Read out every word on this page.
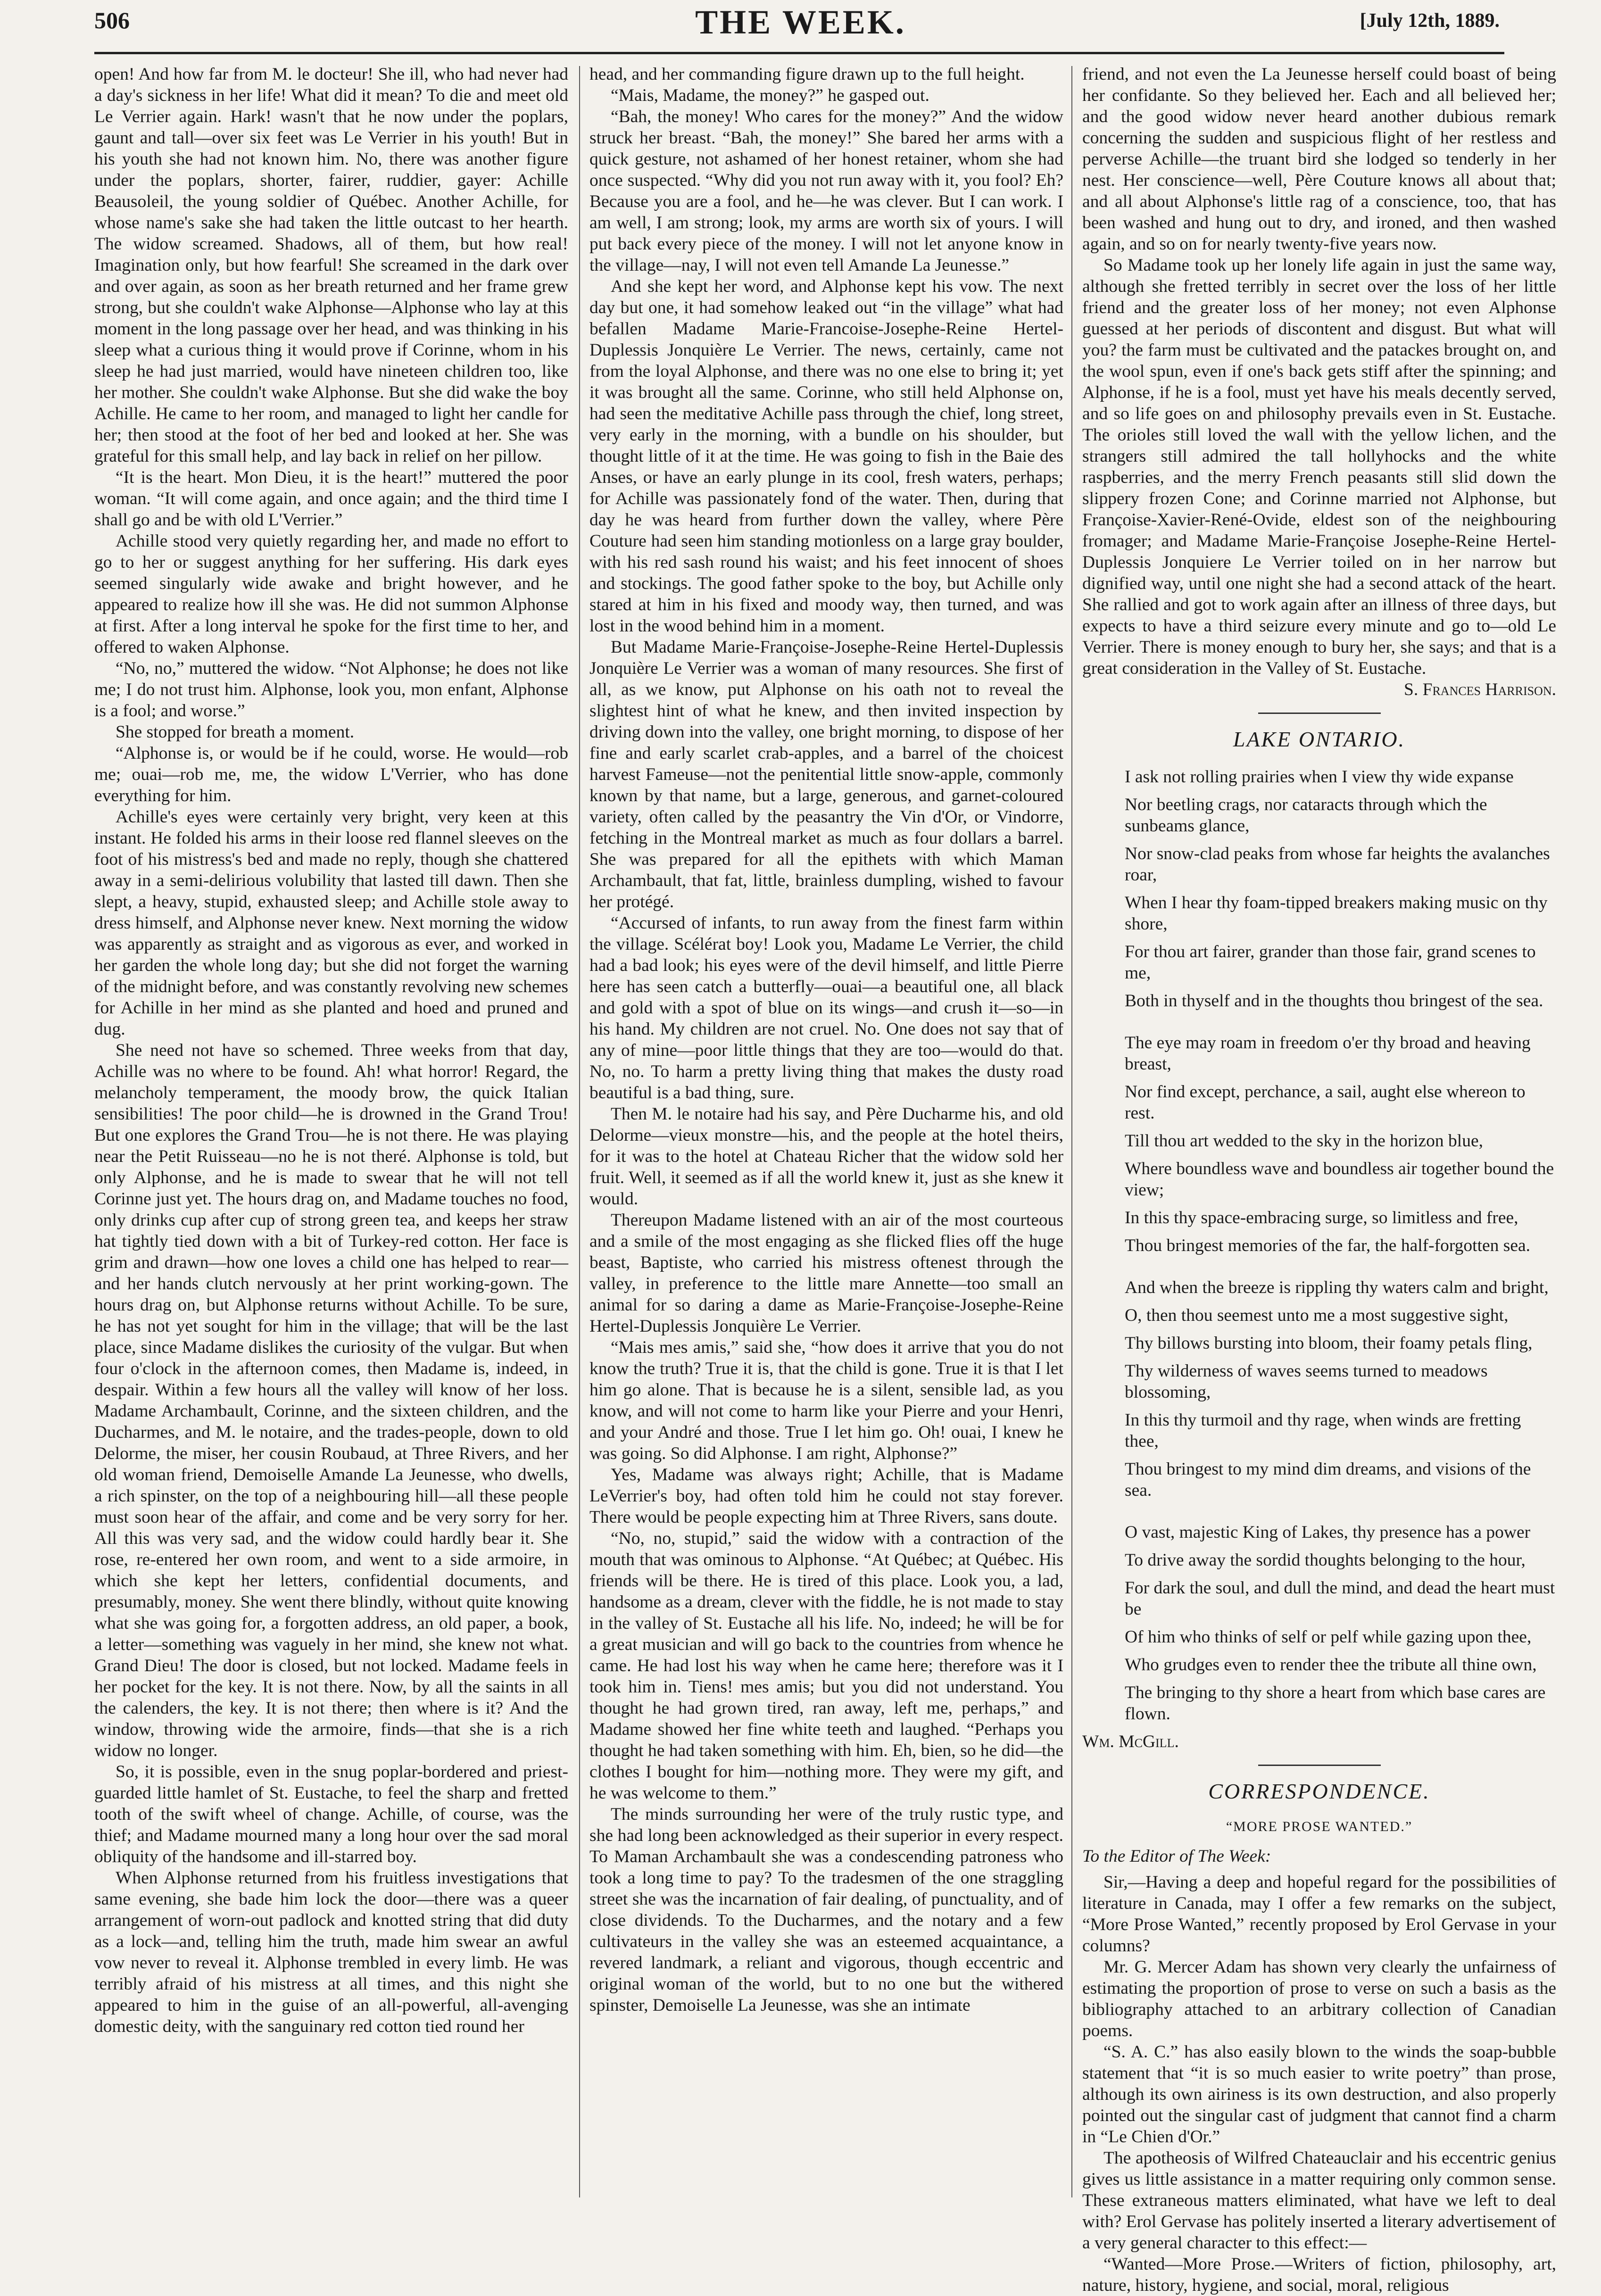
506	THE WEEK.	[July 12th, 1889.

open! And how far from M. le docteur! She ill, who had never had a day's sickness in her life! What did it mean? To die and meet old Le Verrier again. Hark! wasn't that he now under the poplars, gaunt and tall—over six feet was Le Verrier in his youth! But in his youth she had not known him. No, there was another figure under the poplars, shorter, fairer, ruddier, gayer: Achille Beausoleil, the young soldier of Québec. Another Achille, for whose name's sake she had taken the little outcast to her hearth. The widow screamed. Shadows, all of them, but how real! Imagination only, but how fearful! She screamed in the dark over and over again, as soon as her breath returned and her frame grew strong, but she couldn't wake Alphonse—Alphonse who lay at this moment in the long passage over her head, and was thinking in his sleep what a curious thing it would prove if Corinne, whom in his sleep he had just married, would have nineteen children too, like her mother. She couldn't wake Alphonse. But she did wake the boy Achille. He came to her room, and managed to light her candle for her; then stood at the foot of her bed and looked at her. She was grateful for this small help, and lay back in relief on her pillow.

“It is the heart. Mon Dieu, it is the heart!” muttered the poor woman. “It will come again, and once again; and the third time I shall go and be with old L'Verrier.”

Achille stood very quietly regarding her, and made no effort to go to her or suggest anything for her suffering. His dark eyes seemed singularly wide awake and bright however, and he appeared to realize how ill she was. He did not summon Alphonse at first. After a long interval he spoke for the first time to her, and offered to waken Alphonse.

“No, no,” muttered the widow. “Not Alphonse; he does not like me; I do not trust him. Alphonse, look you, mon enfant, Alphonse is a fool; and worse.”

She stopped for breath a moment.

“Alphonse is, or would be if he could, worse. He would—rob me; ouai—rob me, me, the widow L'Verrier, who has done everything for him.

Achille's eyes were certainly very bright, very keen at this instant. He folded his arms in their loose red flannel sleeves on the foot of his mistress's bed and made no reply, though she chattered away in a semi-delirious volubility that lasted till dawn. Then she slept, a heavy, stupid, exhausted sleep; and Achille stole away to dress himself, and Alphonse never knew. Next morning the widow was apparently as straight and as vigorous as ever, and worked in her garden the whole long day; but she did not forget the warning of the midnight before, and was constantly revolving new schemes for Achille in her mind as she planted and hoed and pruned and dug.

She need not have so schemed. Three weeks from that day, Achille was no where to be found. Ah! what horror! Regard, the melancholy temperament, the moody brow, the quick Italian sensibilities! The poor child—he is drowned in the Grand Trou! But one explores the Grand Trou—he is not there. He was playing near the Petit Ruisseau—no he is not theré. Alphonse is told, but only Alphonse, and he is made to swear that he will not tell Corinne just yet. The hours drag on, and Madame touches no food, only drinks cup after cup of strong green tea, and keeps her straw hat tightly tied down with a bit of Turkey-red cotton. Her face is grim and drawn—how one loves a child one has helped to rear—and her hands clutch nervously at her print working-gown. The hours drag on, but Alphonse returns without Achille. To be sure, he has not yet sought for him in the village; that will be the last place, since Madame dislikes the curiosity of the vulgar. But when four o'clock in the afternoon comes, then Madame is, indeed, in despair. Within a few hours all the valley will know of her loss. Madame Archambault, Corinne, and the sixteen children, and the Ducharmes, and M. le notaire, and the trades-people, down to old Delorme, the miser, her cousin Roubaud, at Three Rivers, and her old woman friend, Demoiselle Amande La Jeunesse, who dwells, a rich spinster, on the top of a neighbouring hill—all these people must soon hear of the affair, and come and be very sorry for her. All this was very sad, and the widow could hardly bear it. She rose, re-entered her own room, and went to a side armoire, in which she kept her letters, confidential documents, and presumably, money. She went there blindly, without quite knowing what she was going for, a forgotten address, an old paper, a book, a letter—something was vaguely in her mind, she knew not what. Grand Dieu! The door is closed, but not locked. Madame feels in her pocket for the key. It is not there. Now, by all the saints in all the calenders, the key. It is not there; then where is it? And the window, throwing wide the armoire, finds—that she is a rich widow no longer.

So, it is possible, even in the snug poplar-bordered and priest-guarded little hamlet of St. Eustache, to feel the sharp and fretted tooth of the swift wheel of change. Achille, of course, was the thief; and Madame mourned many a long hour over the sad moral obliquity of the handsome and ill-starred boy.

When Alphonse returned from his fruitless investigations that same evening, she bade him lock the door—there was a queer arrangement of worn-out padlock and knotted string that did duty as a lock—and, telling him the truth, made him swear an awful vow never to reveal it. Alphonse trembled in every limb. He was terribly afraid of his mistress at all times, and this night she appeared to him in the guise of an all-powerful, all-avenging domestic deity, with the sanguinary red cotton tied round her

head, and her commanding figure drawn up to the full height.

“Mais, Madame, the money?” he gasped out.

“Bah, the money! Who cares for the money?” And the widow struck her breast. “Bah, the money!” She bared her arms with a quick gesture, not ashamed of her honest retainer, whom she had once suspected. “Why did you not run away with it, you fool? Eh? Because you are a fool, and he—he was clever. But I can work. I am well, I am strong; look, my arms are worth six of yours. I will put back every piece of the money. I will not let anyone know in the village—nay, I will not even tell Amande La Jeunesse.”

And she kept her word, and Alphonse kept his vow. The next day but one, it had somehow leaked out “in the village” what had befallen Madame Marie-Francoise-Josephe-Reine Hertel-Duplessis Jonquière Le Verrier. The news, certainly, came not from the loyal Alphonse, and there was no one else to bring it; yet it was brought all the same. Corinne, who still held Alphonse on, had seen the meditative Achille pass through the chief, long street, very early in the morning, with a bundle on his shoulder, but thought little of it at the time. He was going to fish in the Baie des Anses, or have an early plunge in its cool, fresh waters, perhaps; for Achille was passionately fond of the water. Then, during that day he was heard from further down the valley, where Père Couture had seen him standing motionless on a large gray boulder, with his red sash round his waist; and his feet innocent of shoes and stockings. The good father spoke to the boy, but Achille only stared at him in his fixed and moody way, then turned, and was lost in the wood behind him in a moment.

But Madame Marie-Françoise-Josephe-Reine Hertel-Duplessis Jonquière Le Verrier was a woman of many resources. She first of all, as we know, put Alphonse on his oath not to reveal the slightest hint of what he knew, and then invited inspection by driving down into the valley, one bright morning, to dispose of her fine and early scarlet crab-apples, and a barrel of the choicest harvest Fameuse—not the penitential little snow-apple, commonly known by that name, but a large, generous, and garnet-coloured variety, often called by the peasantry the Vin d'Or, or Vindorre, fetching in the Montreal market as much as four dollars a barrel. She was prepared for all the epithets with which Maman Archambault, that fat, little, brainless dumpling, wished to favour her protégé.

“Accursed of infants, to run away from the finest farm within the village. Scélérat boy! Look you, Madame Le Verrier, the child had a bad look; his eyes were of the devil himself, and little Pierre here has seen catch a butterfly—ouai—a beautiful one, all black and gold with a spot of blue on its wings—and crush it—so—in his hand. My children are not cruel. No. One does not say that of any of mine—poor little things that they are too—would do that. No, no. To harm a pretty living thing that makes the dusty road beautiful is a bad thing, sure.

Then M. le notaire had his say, and Père Ducharme his, and old Delorme—vieux monstre—his, and the people at the hotel theirs, for it was to the hotel at Chateau Richer that the widow sold her fruit. Well, it seemed as if all the world knew it, just as she knew it would.

Thereupon Madame listened with an air of the most courteous and a smile of the most engaging as she flicked flies off the huge beast, Baptiste, who carried his mistress oftenest through the valley, in preference to the little mare Annette—too small an animal for so daring a dame as Marie-Françoise-Josephe-Reine Hertel-Duplessis Jonquière Le Verrier.

“Mais mes amis,” said she, “how does it arrive that you do not know the truth? True it is, that the child is gone. True it is that I let him go alone. That is because he is a silent, sensible lad, as you know, and will not come to harm like your Pierre and your Henri, and your André and those. True I let him go. Oh! ouai, I knew he was going. So did Alphonse. I am right, Alphonse?”

Yes, Madame was always right; Achille, that is Madame LeVerrier's boy, had often told him he could not stay forever. There would be people expecting him at Three Rivers, sans doute.

“No, no, stupid,” said the widow with a contraction of the mouth that was ominous to Alphonse. “At Québec; at Québec. His friends will be there. He is tired of this place. Look you, a lad, handsome as a dream, clever with the fiddle, he is not made to stay in the valley of St. Eustache all his life. No, indeed; he will be for a great musician and will go back to the countries from whence he came. He had lost his way when he came here; therefore was it I took him in. Tiens! mes amis; but you did not understand. You thought he had grown tired, ran away, left me, perhaps,” and Madame showed her fine white teeth and laughed. “Perhaps you thought he had taken something with him. Eh, bien, so he did—the clothes I bought for him—nothing more. They were my gift, and he was welcome to them.”

The minds surrounding her were of the truly rustic type, and she had long been acknowledged as their superior in every respect. To Maman Archambault she was a condescending patroness who took a long time to pay? To the tradesmen of the one straggling street she was the incarnation of fair dealing, of punctuality, and of close dividends. To the Ducharmes, and the notary and a few cultivateurs in the valley she was an esteemed acquaintance, a revered landmark, a reliant and vigorous, though eccentric and original woman of the world, but to no one but the withered spinster, Demoiselle La Jeunesse, was she an intimate

friend, and not even the La Jeunesse herself could boast of being her confidante. So they believed her. Each and all believed her; and the good widow never heard another dubious remark concerning the sudden and suspicious flight of her restless and perverse Achille—the truant bird she lodged so tenderly in her nest. Her conscience—well, Père Couture knows all about that; and all about Alphonse's little rag of a conscience, too, that has been washed and hung out to dry, and ironed, and then washed again, and so on for nearly twenty-five years now.

So Madame took up her lonely life again in just the same way, although she fretted terribly in secret over the loss of her little friend and the greater loss of her money; not even Alphonse guessed at her periods of discontent and disgust. But what will you? the farm must be cultivated and the patackes brought on, and the wool spun, even if one's back gets stiff after the spinning; and Alphonse, if he is a fool, must yet have his meals decently served, and so life goes on and philosophy prevails even in St. Eustache. The orioles still loved the wall with the yellow lichen, and the strangers still admired the tall hollyhocks and the white raspberries, and the merry French peasants still slid down the slippery frozen Cone; and Corinne married not Alphonse, but Françoise-Xavier-René-Ovide, eldest son of the neighbouring fromager; and Madame Marie-Françoise Josephe-Reine Hertel-Duplessis Jonquiere Le Verrier toiled on in her narrow but dignified way, until one night she had a second attack of the heart. She rallied and got to work again after an illness of three days, but expects to have a third seizure every minute and go to—old Le Verrier. There is money enough to bury her, she says; and that is a great consideration in the Valley of St. Eustache.

S. Frances Harrison.

LAKE ONTARIO.

I ask not rolling prairies when I view thy wide expanse

Nor beetling crags, nor cataracts through which the sunbeams glance,

Nor snow-clad peaks from whose far heights the avalanches roar,

When I hear thy foam-tipped breakers making music on thy shore,

For thou art fairer, grander than those fair, grand scenes to me,

Both in thyself and in the thoughts thou bringest of the sea.

The eye may roam in freedom o'er thy broad and heaving breast,

Nor find except, perchance, a sail, aught else whereon to rest.

Till thou art wedded to the sky in the horizon blue,

Where boundless wave and boundless air together bound the view;

In this thy space-embracing surge, so limitless and free,

Thou bringest memories of the far, the half-forgotten sea.

And when the breeze is rippling thy waters calm and bright,

O, then thou seemest unto me a most suggestive sight,

Thy billows bursting into bloom, their foamy petals fling,

Thy wilderness of waves seems turned to meadows blossoming,

In this thy turmoil and thy rage, when winds are fretting thee,

Thou bringest to my mind dim dreams, and visions of the sea.

O vast, majestic King of Lakes, thy presence has a power

To drive away the sordid thoughts belonging to the hour,

For dark the soul, and dull the mind, and dead the heart must be

Of him who thinks of self or pelf while gazing upon thee,

Who grudges even to render thee the tribute all thine own,

The bringing to thy shore a heart from which base cares are flown.

Wm. McGill.

CORRESPONDENCE.
“MORE PROSE WANTED.”

To the Editor of The Week:

Sir,—Having a deep and hopeful regard for the possibilities of literature in Canada, may I offer a few remarks on the subject, “More Prose Wanted,” recently proposed by Erol Gervase in your columns?

Mr. G. Mercer Adam has shown very clearly the unfairness of estimating the proportion of prose to verse on such a basis as the bibliography attached to an arbitrary collection of Canadian poems.

“S. A. C.” has also easily blown to the winds the soap-bubble statement that “it is so much easier to write poetry” than prose, although its own airiness is its own destruction, and also properly pointed out the singular cast of judgment that cannot find a charm in “Le Chien d'Or.”

The apotheosis of Wilfred Chateauclair and his eccentric genius gives us little assistance in a matter requiring only common sense. These extraneous matters eliminated, what have we left to deal with? Erol Gervase has politely inserted a literary advertisement of a very general character to this effect:—

“Wanted—More Prose.—Writers of fiction, philosophy, art, nature, history, hygiene, and social, moral, religious
